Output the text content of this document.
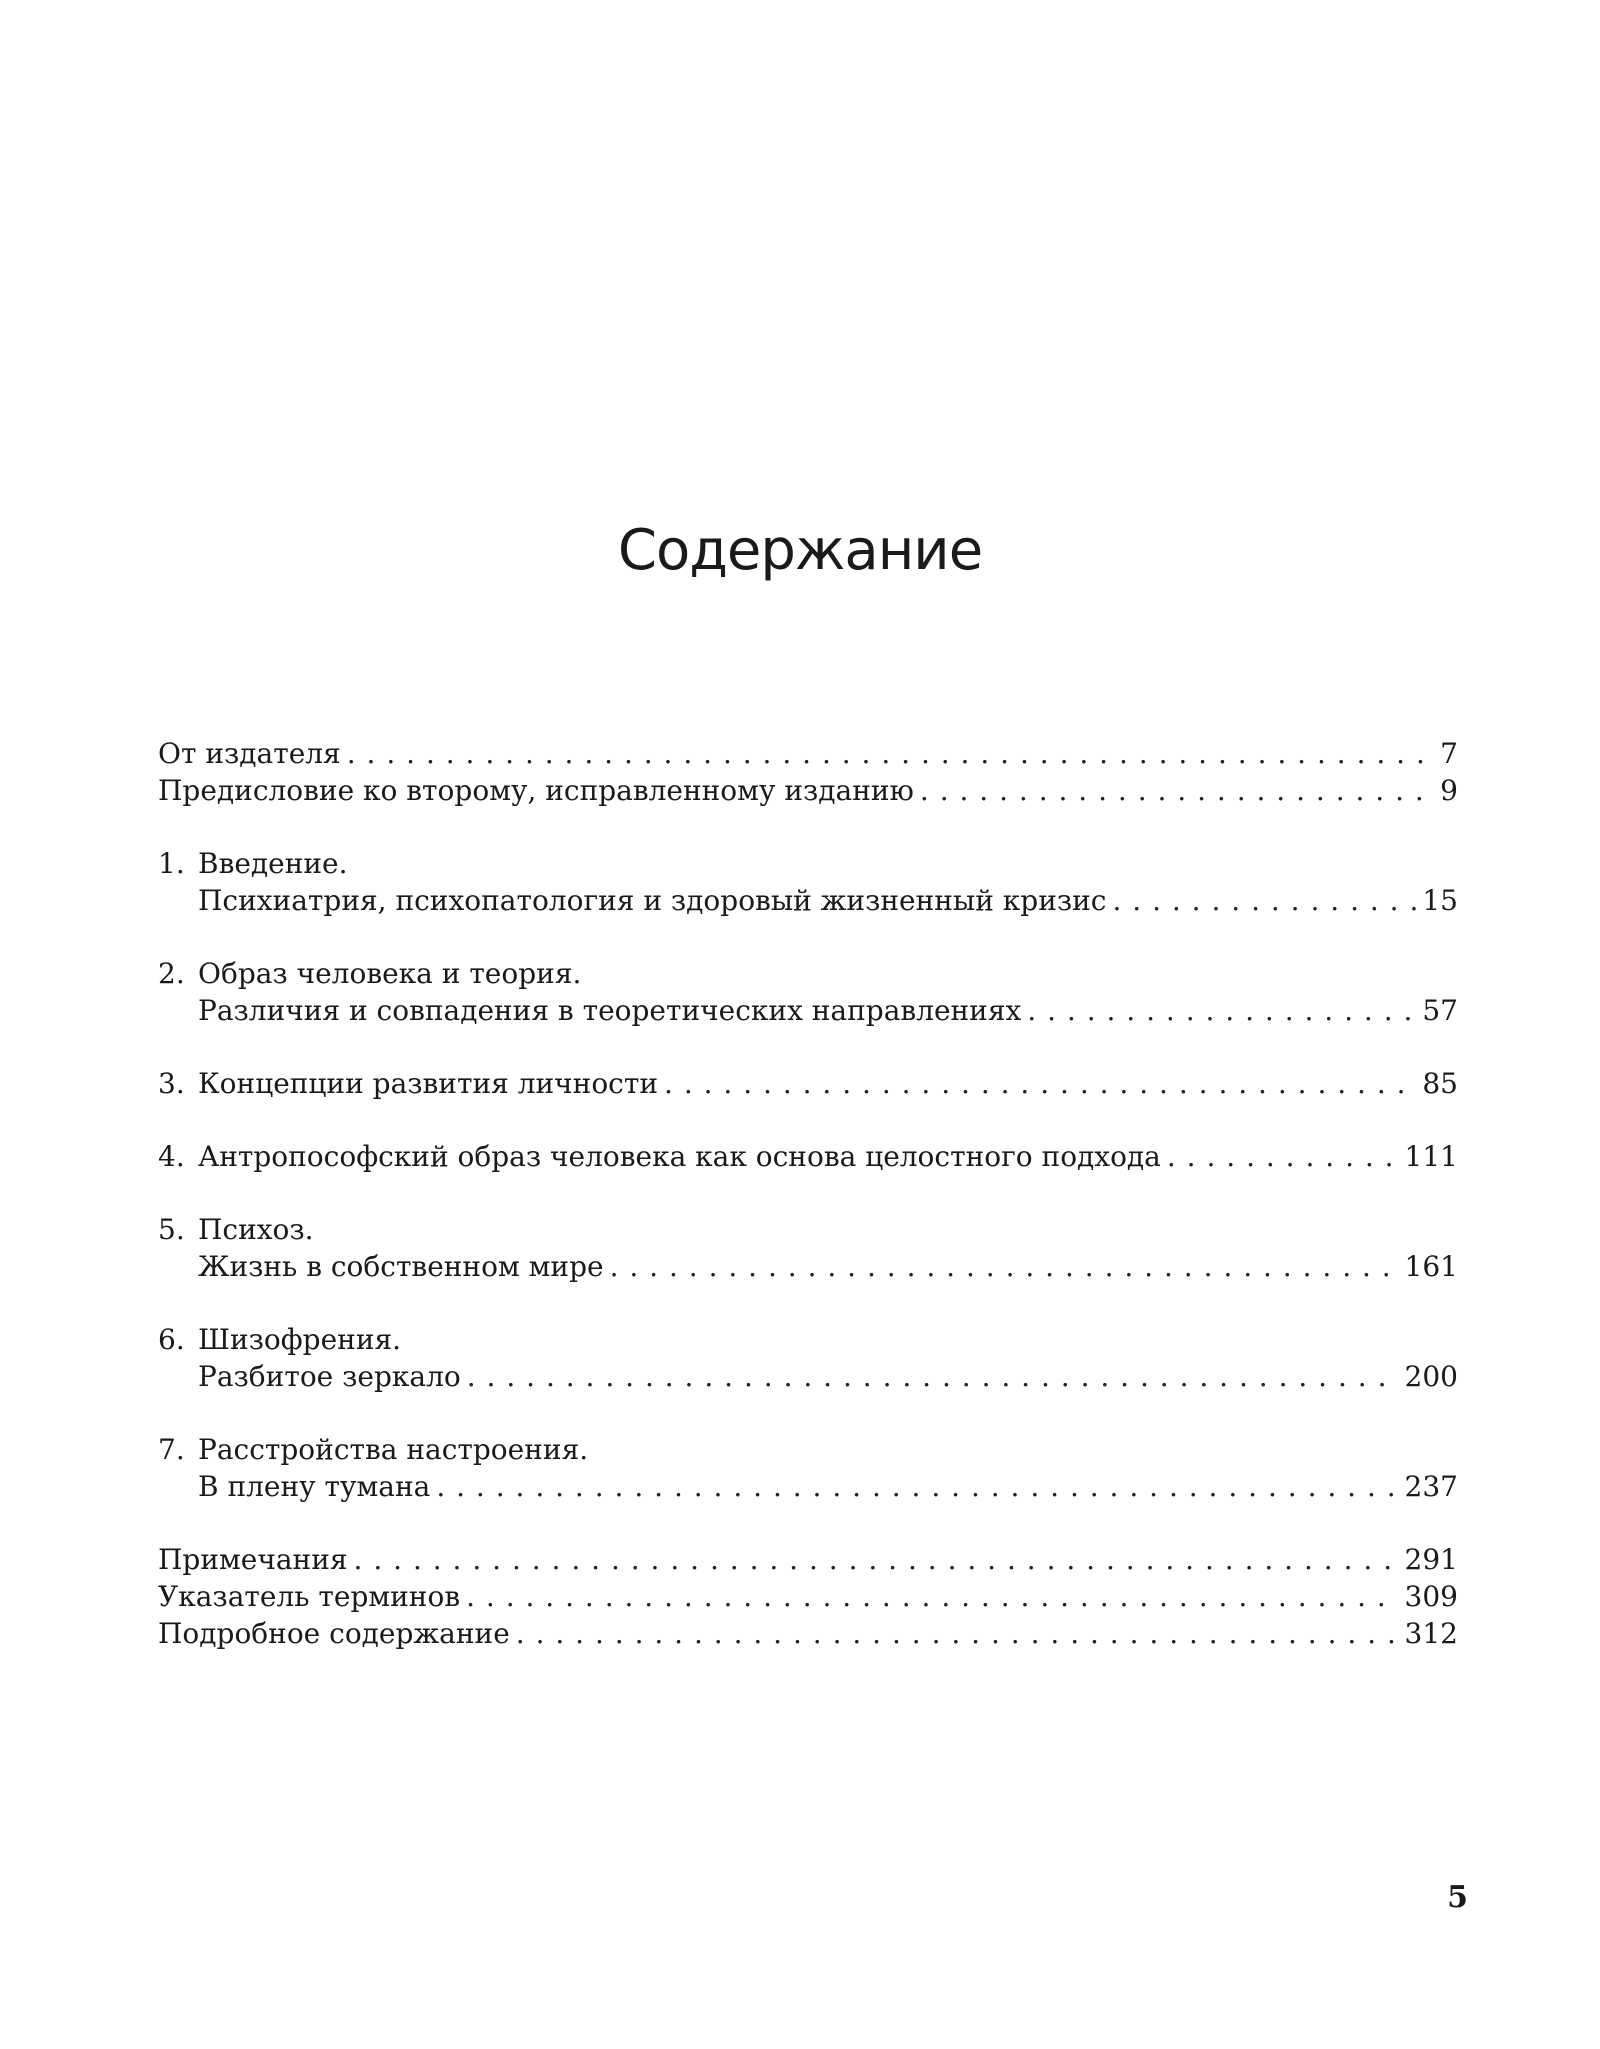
Содержание
От издателя . . .	7
Предисловие ко второму, исправленному изданию . . .	9
1. Введение.
Психиатрия, психопатология и здоровый жизненный кризис . . .	15
2. Образ человека и теория.
Различия и совпадения в теоретических направлениях . . .	57
3. Концепции развития личности . . .	85
4. Антропософский образ человека как основа целостного подхода . . .	111
5. Психоз.
Жизнь в собственном мире . . .	161
6. Шизофрения.
Разбитое зеркало . . .	200
7. Расстройства настроения.
В плену тумана . . .	237
Примечания . . .	291
Указатель терминов . . .	309
Подробное содержание . . .	312
5
